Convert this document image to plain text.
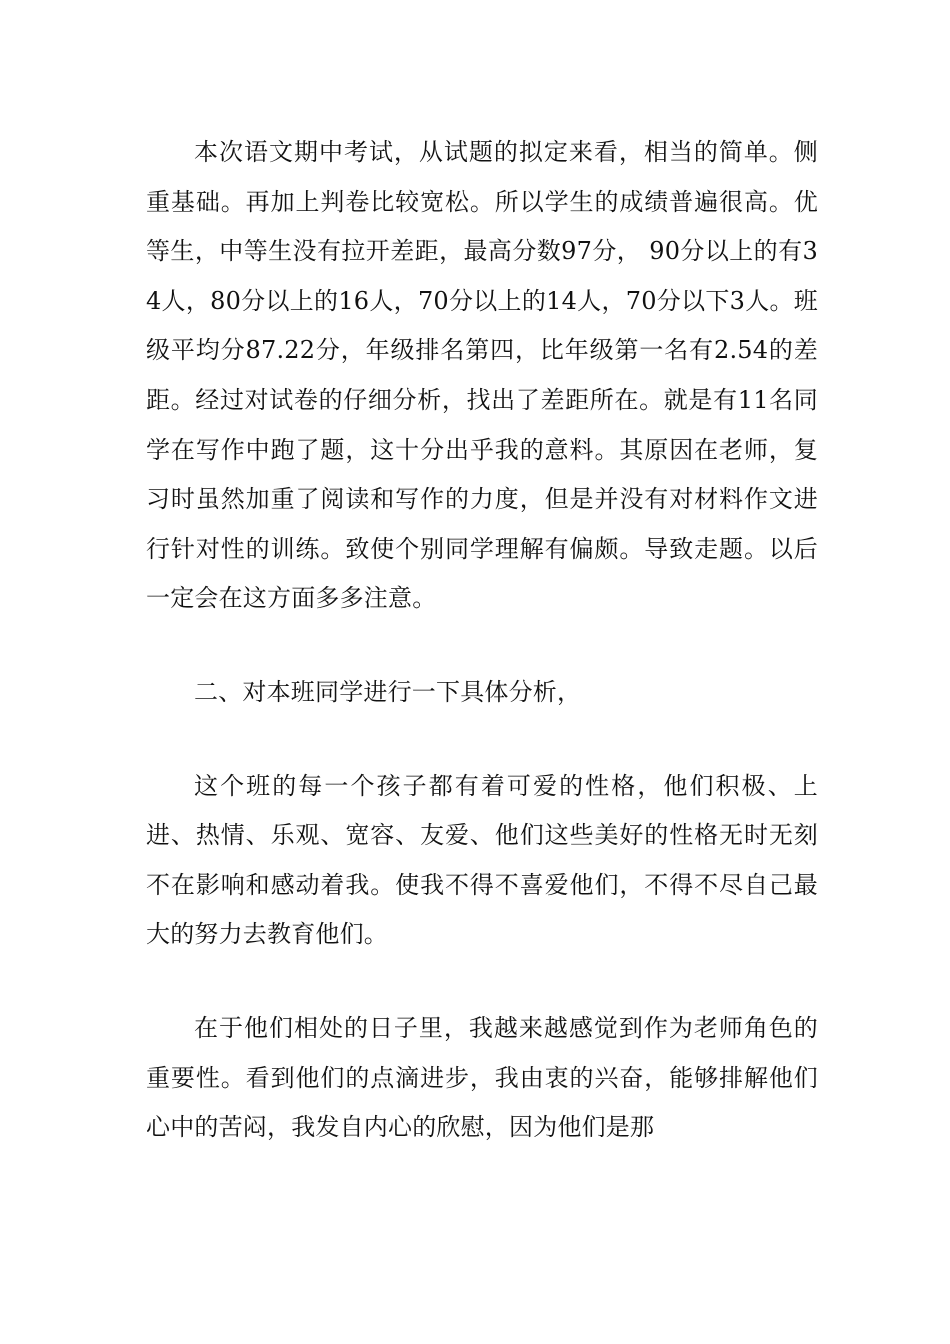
本次语文期中考试，从试题的拟定来看，相当的简单。侧重基础。再加上判卷比较宽松。所以学生的成绩普遍很高。优等生，中等生没有拉开差距，最高分数97分， 90分以上的有34人，80分以上的16人，70分以上的14人，70分以下3人。班级平均分87.22分，年级排名第四，比年级第一名有2.54的差距。经过对试卷的仔细分析，找出了差距所在。就是有11名同学在写作中跑了题，这十分出乎我的意料。其原因在老师，复习时虽然加重了阅读和写作的力度，但是并没有对材料作文进行针对性的训练。致使个别同学理解有偏颇。导致走题。以后一定会在这方面多多注意。

二、对本班同学进行一下具体分析，

这个班的每一个孩子都有着可爱的性格，他们积极、上进、热情、乐观、宽容、友爱、他们这些美好的性格无时无刻不在影响和感动着我。使我不得不喜爱他们，不得不尽自己最大的努力去教育他们。

在于他们相处的日子里，我越来越感觉到作为老师角色的重要性。看到他们的点滴进步，我由衷的兴奋，能够排解他们心中的苦闷，我发自内心的欣慰，因为他们是那
